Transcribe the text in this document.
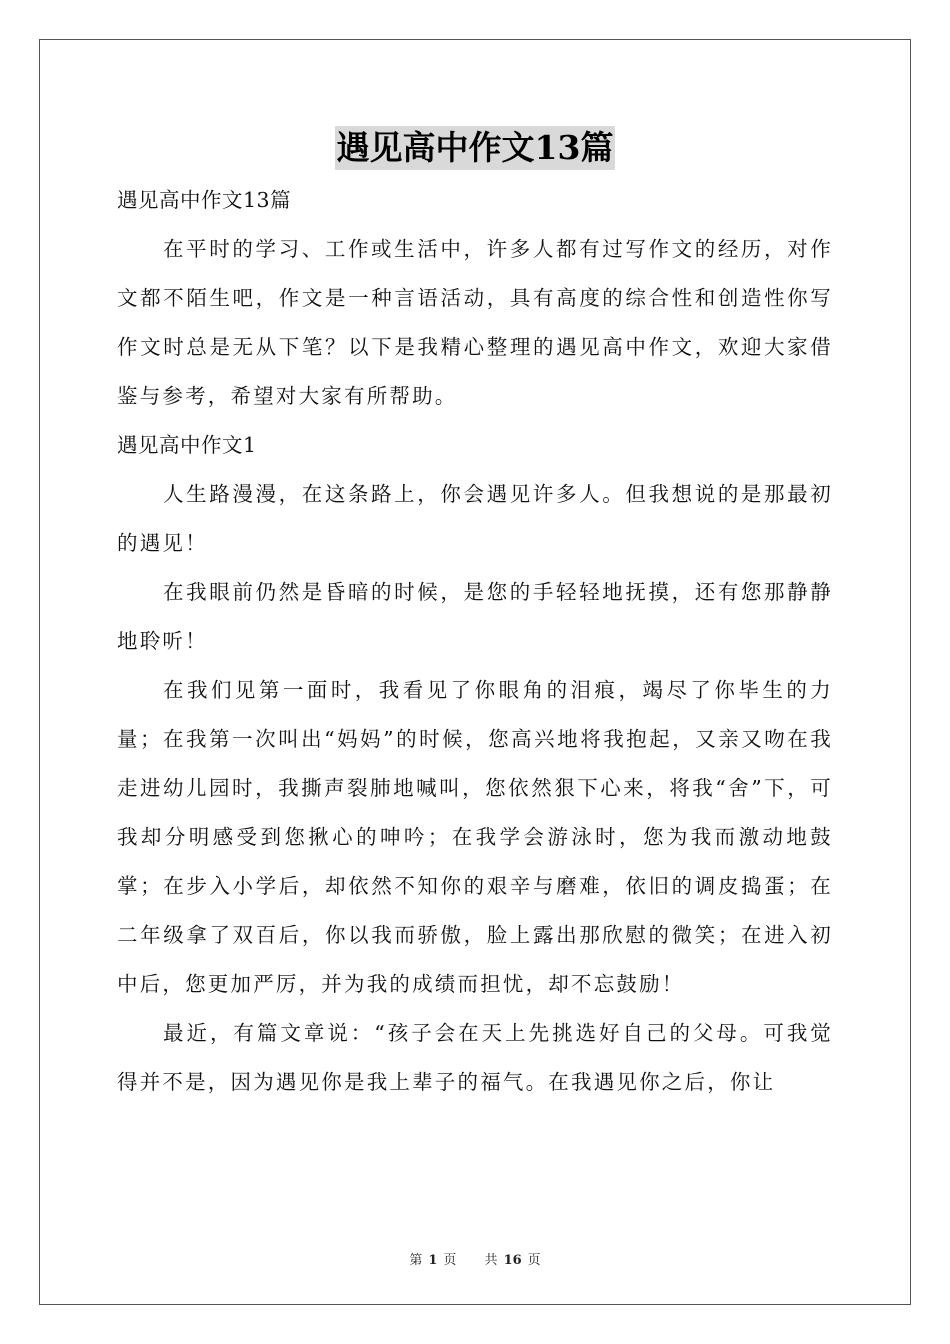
遇见高中作文13篇

遇见高中作文13篇

在平时的学习、工作或生活中，许多人都有过写作文的经历，对作文都不陌生吧，作文是一种言语活动，具有高度的综合性和创造性你写作文时总是无从下笔？以下是我精心整理的遇见高中作文，欢迎大家借鉴与参考，希望对大家有所帮助。

遇见高中作文1

人生路漫漫，在这条路上，你会遇见许多人。但我想说的是那最初的遇见！

在我眼前仍然是昏暗的时候，是您的手轻轻地抚摸，还有您那静静地聆听！

在我们见第一面时，我看见了你眼角的泪痕，竭尽了你毕生的力量；在我第一次叫出“妈妈”的时候，您高兴地将我抱起，又亲又吻在我走进幼儿园时，我撕声裂肺地喊叫，您依然狠下心来，将我“舍”下，可我却分明感受到您揪心的呻吟；在我学会游泳时，您为我而激动地鼓掌；在步入小学后，却依然不知你的艰辛与磨难，依旧的调皮捣蛋；在二年级拿了双百后，你以我而骄傲，脸上露出那欣慰的微笑；在进入初中后，您更加严厉，并为我的成绩而担忧，却不忘鼓励！

最近，有篇文章说：“孩子会在天上先挑选好自己的父母。可我觉得并不是，因为遇见你是我上辈子的福气。在我遇见你之后，你让

第 1 页 共 16 页
